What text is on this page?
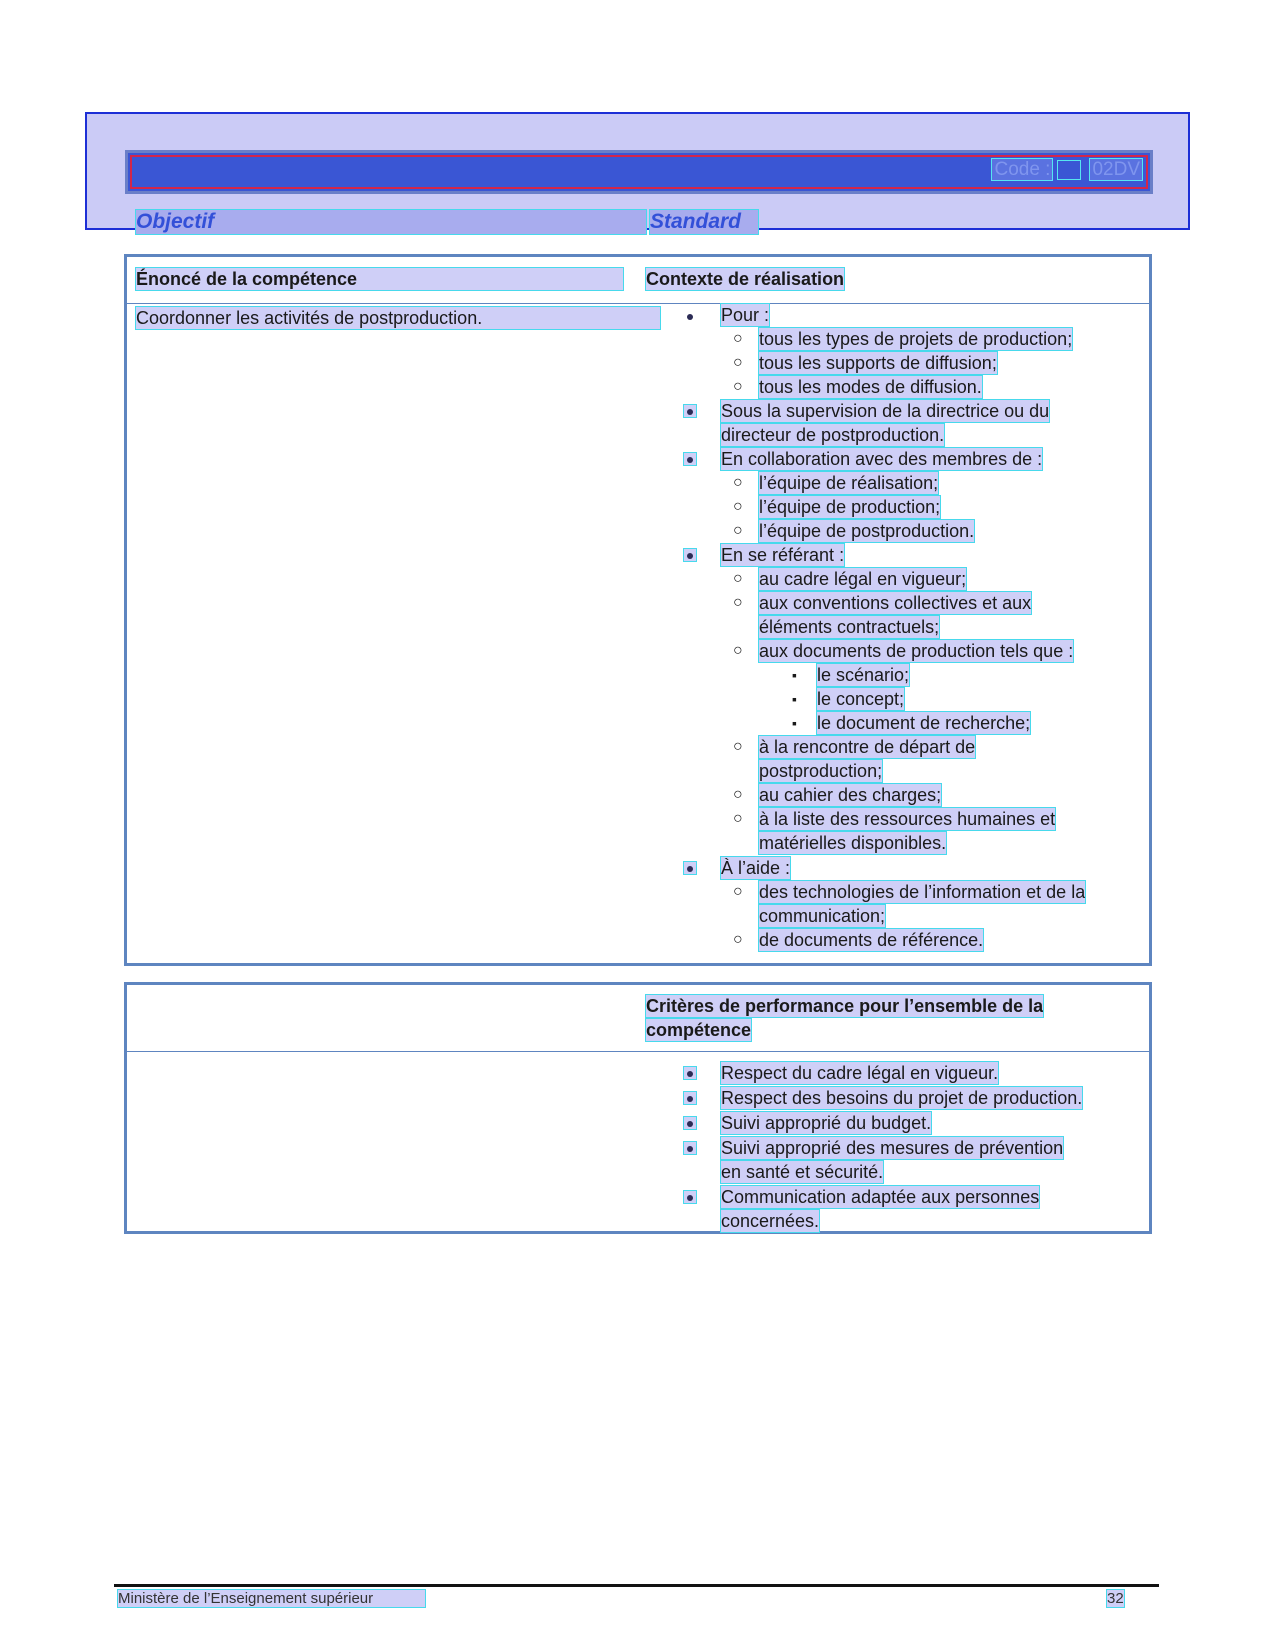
Code : 02DV
Objectif	Standard
Énoncé de la compétence	Contexte de réalisation
Coordonner les activités de postproduction.	Pour :
○ tous les types de projets de production;
○ tous les supports de diffusion;
○ tous les modes de diffusion.
Sous la supervision de la directrice ou du
directeur de postproduction.
En collaboration avec des membres de :
○ l’équipe de réalisation;
○ l’équipe de production;
○ l’équipe de postproduction.
En se référant :
○ au cadre légal en vigueur;
○ aux conventions collectives et aux
éléments contractuels;
○ aux documents de production tels que :
▪ le scénario;
▪ le concept;
▪ le document de recherche;
○ à la rencontre de départ de
postproduction;
○ au cahier des charges;
○ à la liste des ressources humaines et
matérielles disponibles.
À l’aide :
○ des technologies de l’information et de la
communication;
○ de documents de référence.
Critères de performance pour l’ensemble de la
compétence
Respect du cadre légal en vigueur.
Respect des besoins du projet de production.
Suivi approprié du budget.
Suivi approprié des mesures de prévention
en santé et sécurité.
Communication adaptée aux personnes
concernées.
Ministère de l’Enseignement supérieur	32
